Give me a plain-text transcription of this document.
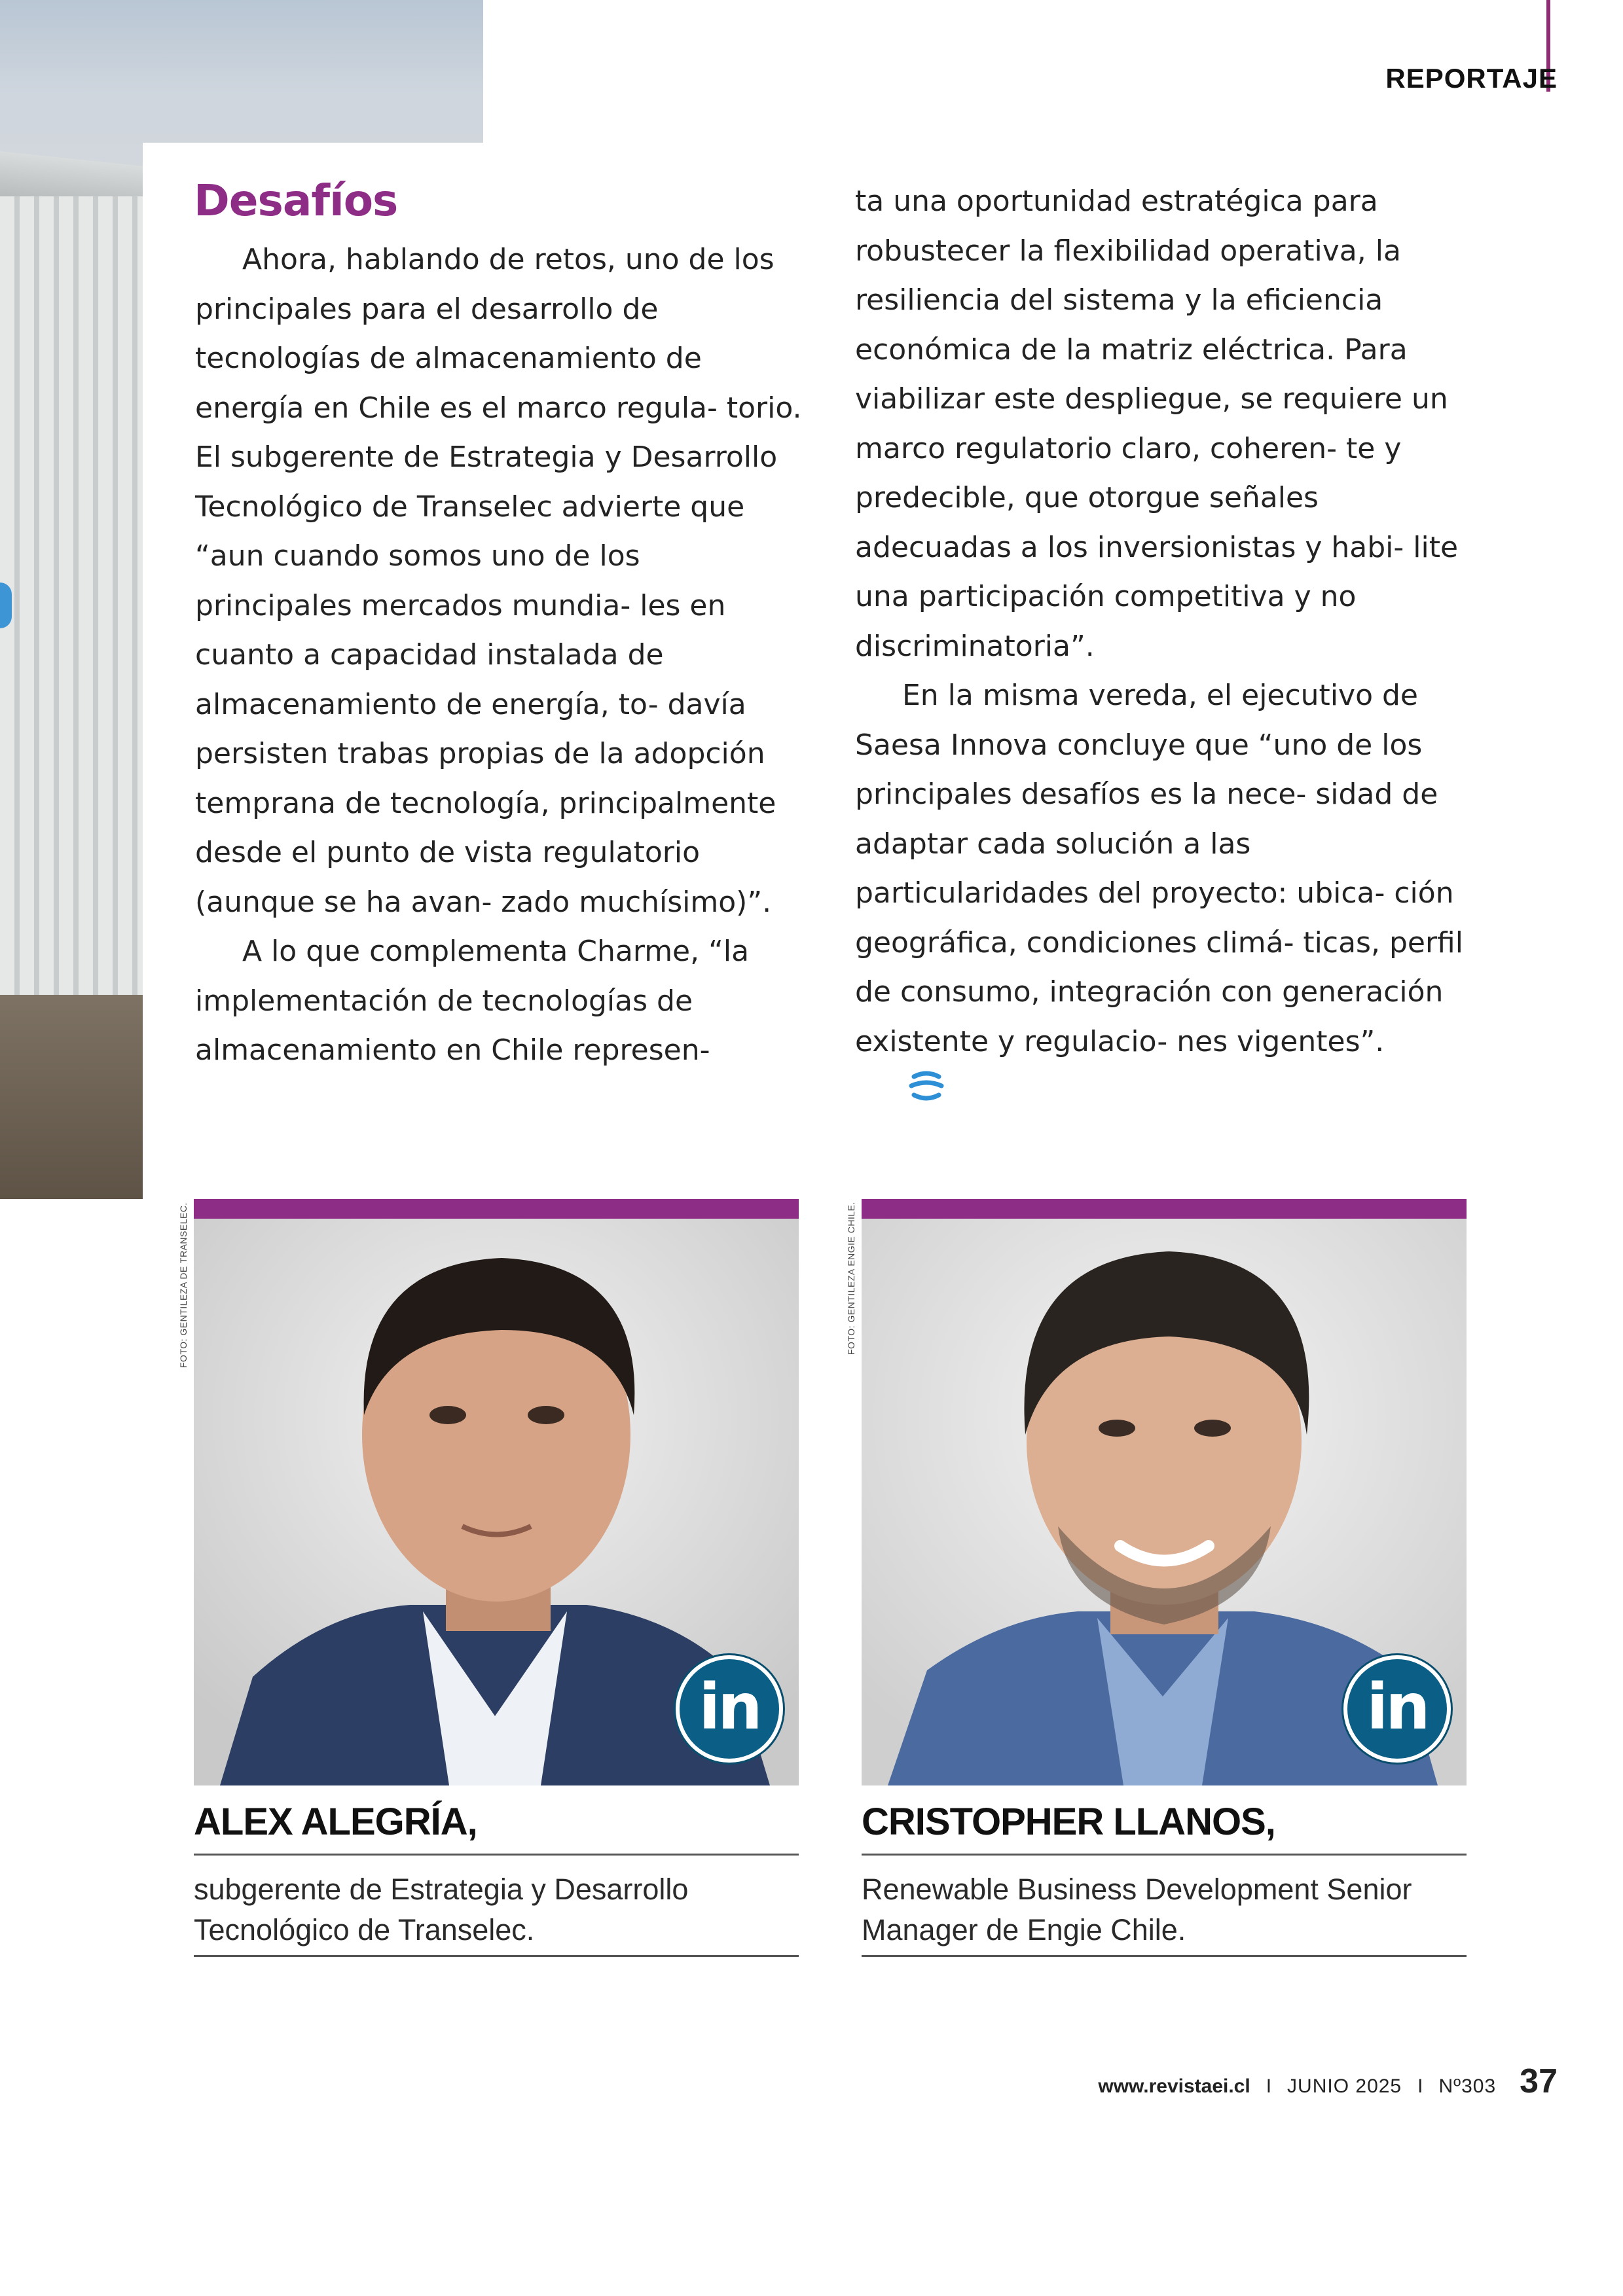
REPORTAJE
Desafíos

Ahora, hablando de retos, uno de los principales para el desarrollo de tecnologías de almacenamiento de energía en Chile es el marco regula- torio. El subgerente de Estrategia y Desarrollo Tecnológico de Transelec advierte que “aun cuando somos uno de los principales mercados mundia- les en cuanto a capacidad instalada de almacenamiento de energía, to- davía persisten trabas propias de la adopción temprana de tecnología, principalmente desde el punto de vista regulatorio (aunque se ha avan- zado muchísimo)”.

A lo que complementa Charme, “la implementación de tecnologías de almacenamiento en Chile represen-

ta una oportunidad estratégica para robustecer la flexibilidad operativa, la resiliencia del sistema y la eficiencia económica de la matriz eléctrica. Para viabilizar este despliegue, se requiere un marco regulatorio claro, coheren- te y predecible, que otorgue señales adecuadas a los inversionistas y habi- lite una participación competitiva y no discriminatoria”.

En la misma vereda, el ejecutivo de Saesa Innova concluye que “uno de los principales desafíos es la nece- sidad de adaptar cada solución a las particularidades del proyecto: ubica- ción geográfica, condiciones climá- ticas, perfil de consumo, integración con generación existente y regulacio- nes vigentes”.

FOTO: GENTILEZA DE TRANSELEC.	FOTO: GENTILEZA ENGIE CHILE.
in
ALEX ALEGRÍA,
subgerente de Estrategia y Desarrollo Tecnológico de Transelec.
in
CRISTOPHER LLANOS,
Renewable Business Development Senior Manager de Engie Chile.
www.revistaei.cl I JUNIO 2025 I Nº303 37
